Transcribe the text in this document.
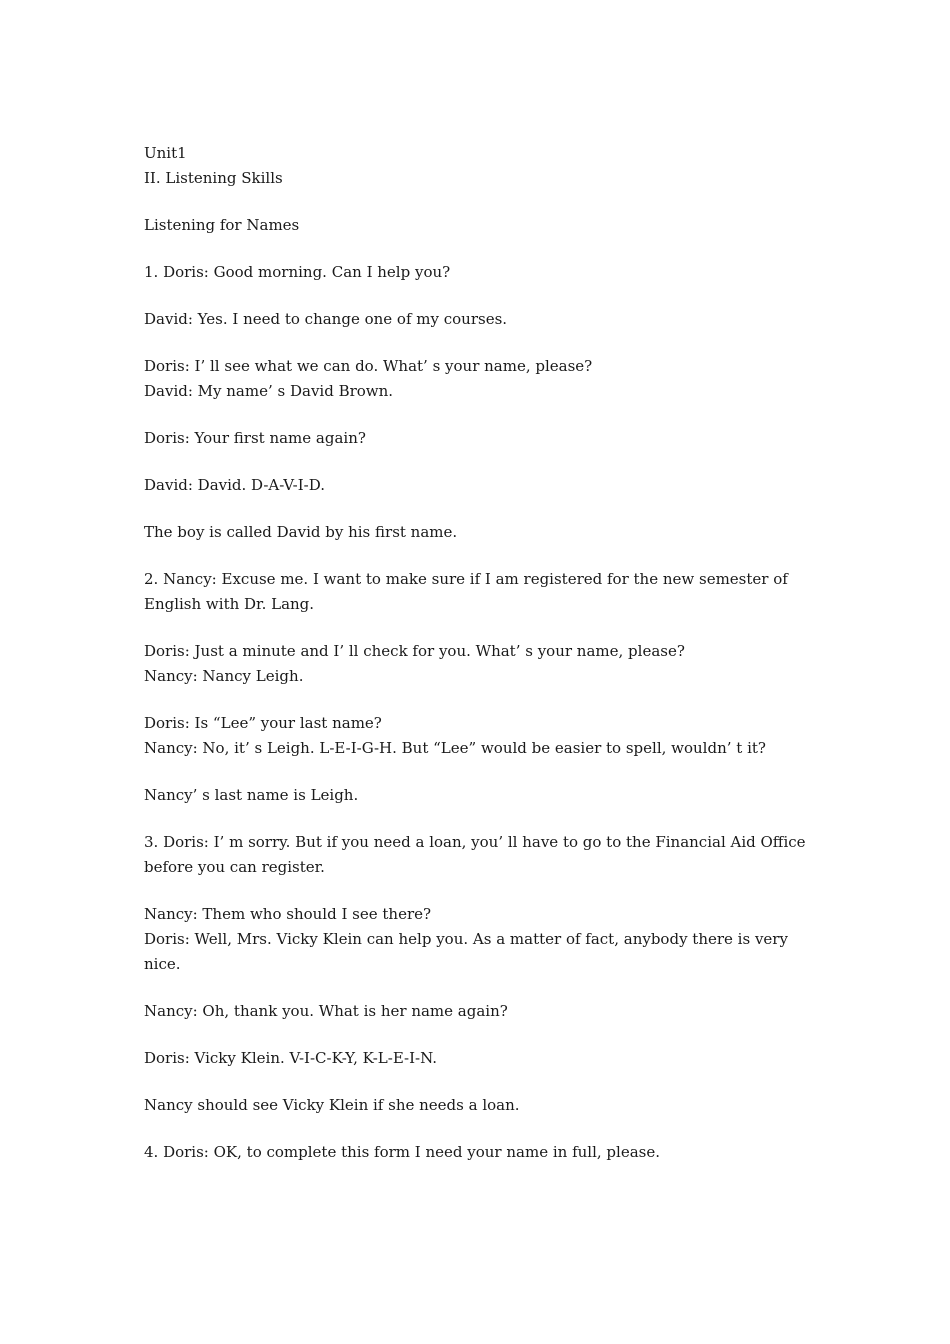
Unit1

II. Listening Skills

Listening for Names

1. Doris: Good morning. Can I help you?

David: Yes. I need to change one of my courses.

Doris: I’ ll see what we can do. What’ s your name, please?

David: My name’ s David Brown.

Doris: Your first name again?

David: David. D-A-V-I-D.

The boy is called David by his first name.

2. Nancy: Excuse me. I want to make sure if I am registered for the new semester of English with Dr. Lang.

Doris: Just a minute and I’ ll check for you. What’ s your name, please?

Nancy: Nancy Leigh.

Doris: Is “Lee” your last name?

Nancy: No, it’ s Leigh. L-E-I-G-H. But “Lee” would be easier to spell, wouldn’ t it?

Nancy’ s last name is Leigh.

3. Doris: I’ m sorry. But if you need a loan, you’ ll have to go to the Financial Aid Office before you can register.

Nancy: Them who should I see there?

Doris: Well, Mrs. Vicky Klein can help you. As a matter of fact, anybody there is very nice.

Nancy: Oh, thank you. What is her name again?

Doris: Vicky Klein. V-I-C-K-Y, K-L-E-I-N.

Nancy should see Vicky Klein if she needs a loan.

4. Doris: OK, to complete this form I need your name in full, please.
